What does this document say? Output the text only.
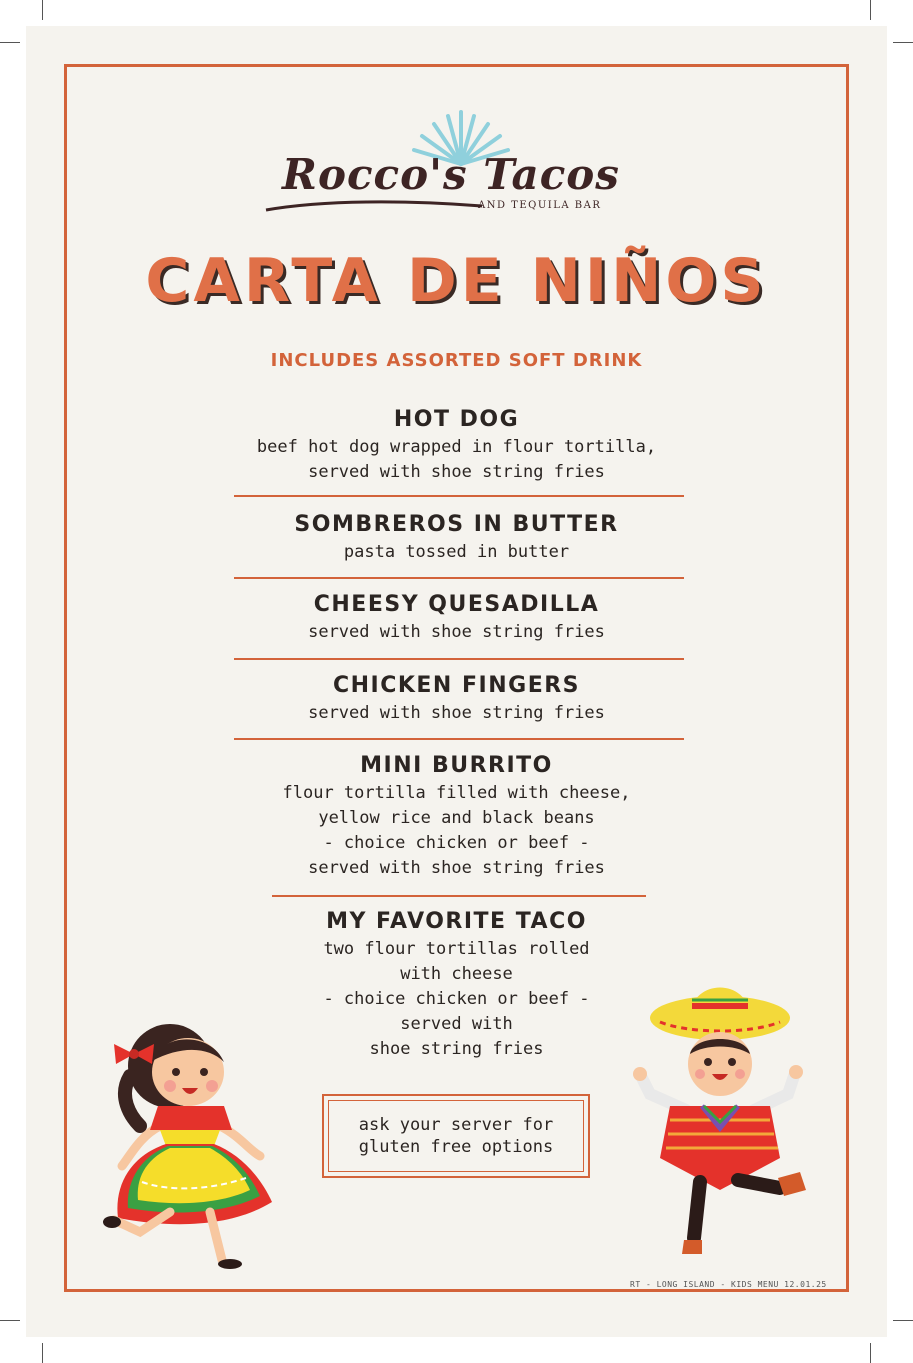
Rocco's Tacos
AND TEQUILA BAR
CARTA DE NIÑOS
INCLUDES ASSORTED SOFT DRINK
HOT DOG
beef hot dog wrapped in flour tortilla,
served with shoe string fries
SOMBREROS IN BUTTER
pasta tossed in butter
CHEESY QUESADILLA
served with shoe string fries
CHICKEN FINGERS
served with shoe string fries
MINI BURRITO
flour tortilla filled with cheese,
yellow rice and black beans
- choice chicken or beef -
served with shoe string fries
MY FAVORITE TACO
two flour tortillas rolled
with cheese
- choice chicken or beef -
served with
shoe string fries
ask your server for
gluten free options
RT - LONG ISLAND - KIDS MENU 12.01.25
